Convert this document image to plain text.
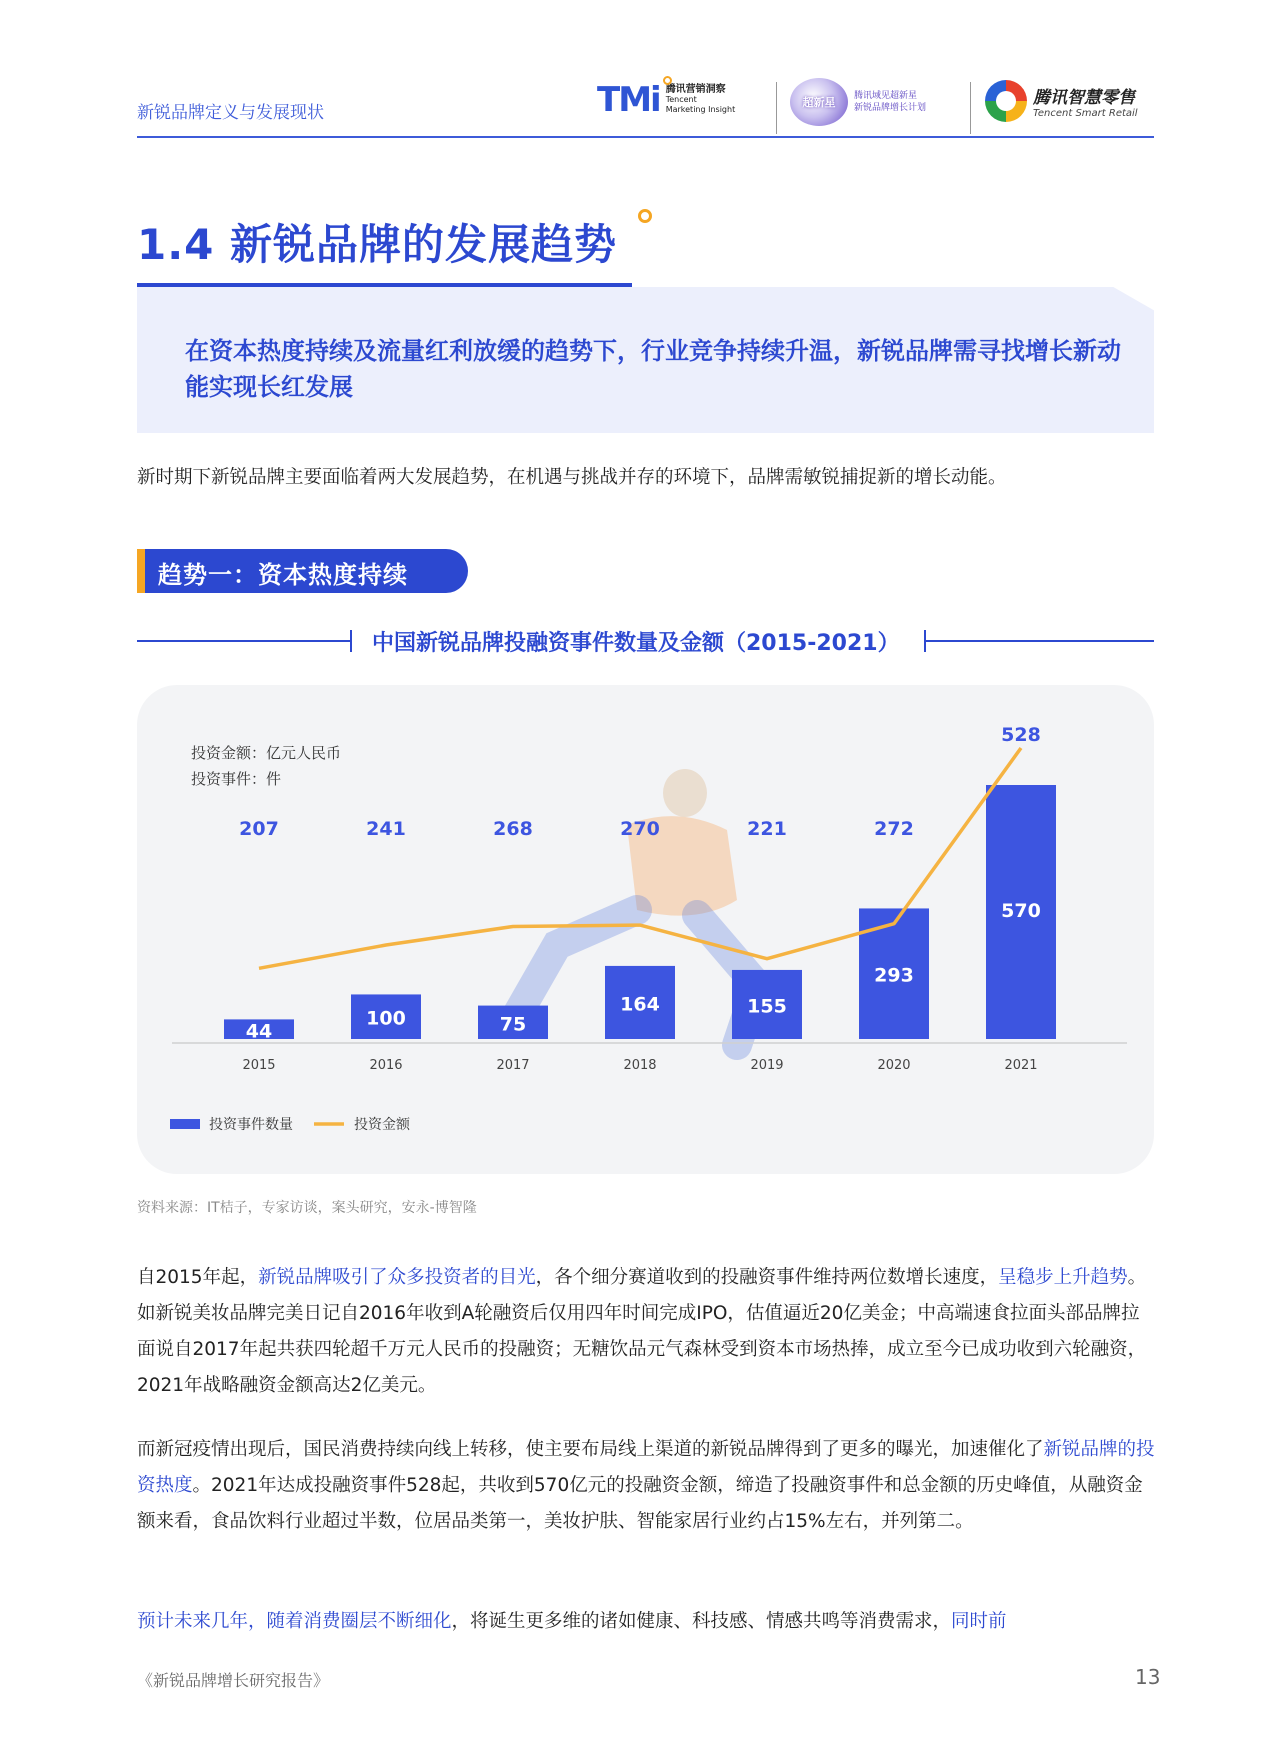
新锐品牌定义与发展现状	TMi 腾讯营销洞察
Tencent
Marketing Insight
超新星 腾讯域见超新星
新锐品牌增长计划	腾讯智慧零售
Tencent Smart Retail
1.4 新锐品牌的发展趋势
在资本热度持续及流量红利放缓的趋势下，行业竞争持续升温，新锐品牌需寻找增长新动能实现长红发展
新时期下新锐品牌主要面临着两大发展趋势，在机遇与挑战并存的环境下，品牌需敏锐捕捉新的增长动能。
趋势一：资本热度持续
中国新锐品牌投融资事件数量及金额（2015-2021）
投资金额：亿元人民币
投资事件：件
44
2015
100
2016
75
2017
164
2018
155
2019
293
2020
570
2021
207	241	268	270	221	272
528
投资事件数量	投资金额
资料来源：IT桔子，专家访谈，案头研究，安永-博智隆
自2015年起，新锐品牌吸引了众多投资者的目光，各个细分赛道收到的投融资事件维持两位数增长速度，呈稳步上升趋势。如新锐美妆品牌完美日记自2016年收到A轮融资后仅用四年时间完成IPO，估值逼近20亿美金；中高端速食拉面头部品牌拉面说自2017年起共获四轮超千万元人民币的投融资；无糖饮品元气森林受到资本市场热捧，成立至今已成功收到六轮融资，2021年战略融资金额高达2亿美元。
而新冠疫情出现后，国民消费持续向线上转移，使主要布局线上渠道的新锐品牌得到了更多的曝光，加速催化了新锐品牌的投资热度。2021年达成投融资事件528起，共收到570亿元的投融资金额，缔造了投融资事件和总金额的历史峰值，从融资金额来看，食品饮料行业超过半数，位居品类第一，美妆护肤、智能家居行业约占15%左右，并列第二。
预计未来几年，随着消费圈层不断细化，将诞生更多维的诸如健康、科技感、情感共鸣等消费需求，同时前
《新锐品牌增长研究报告》	13
